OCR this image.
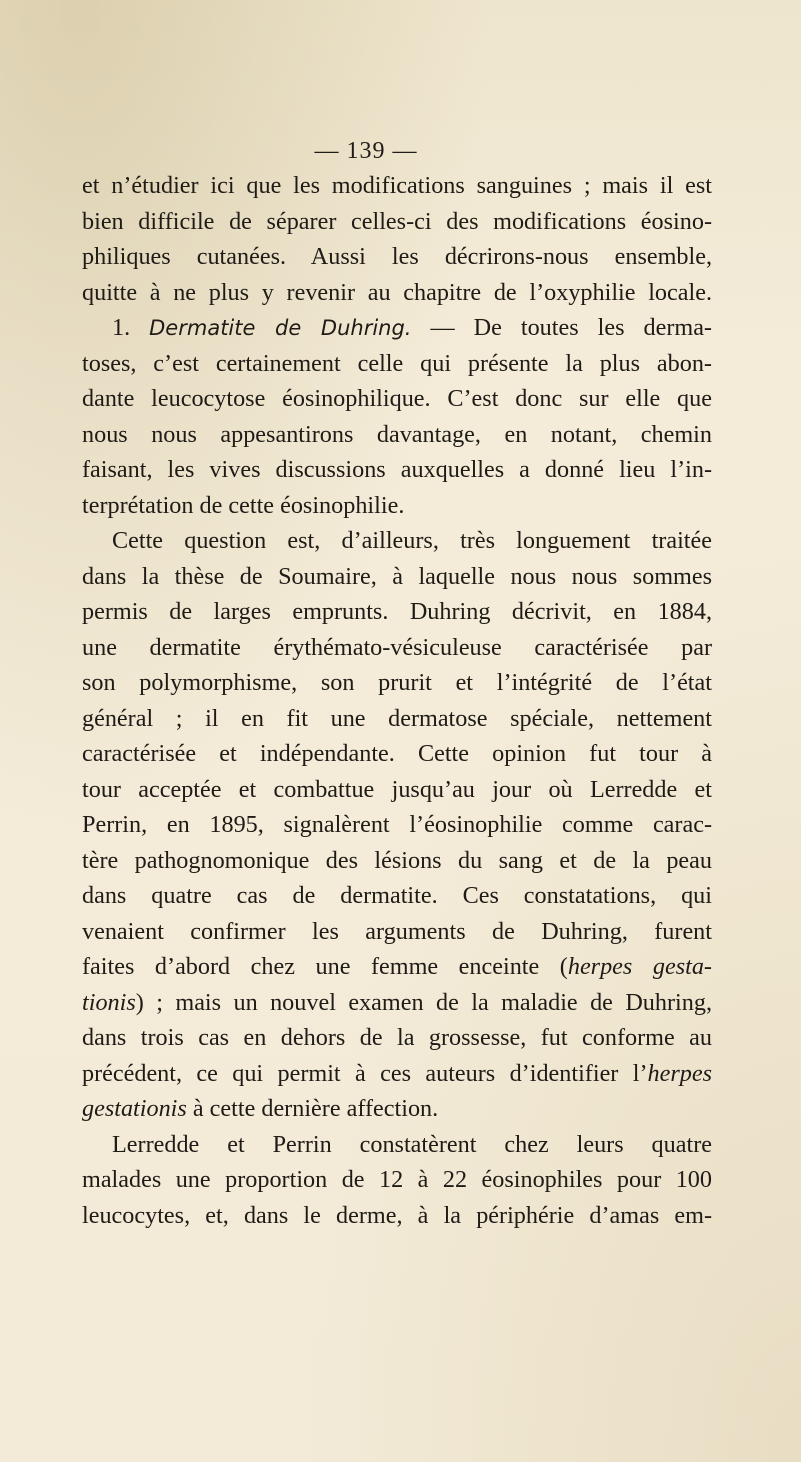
— 139 —
et n’étudier ici que les modifications sanguines ; mais il est
bien difficile de séparer celles-ci des modifications éosino-
philiques cutanées. Aussi les décrirons-nous ensemble,
quitte à ne plus y revenir au chapitre de l’oxyphilie locale.
1. Dermatite de Duhring. — De toutes les derma-
toses, c’est certainement celle qui présente la plus abon-
dante leucocytose éosinophilique. C’est donc sur elle que
nous nous appesantirons davantage, en notant, chemin
faisant, les vives discussions auxquelles a donné lieu l’in-
terprétation de cette éosinophilie.
Cette question est, d’ailleurs, très longuement traitée
dans la thèse de Soumaire, à laquelle nous nous sommes
permis de larges emprunts. Duhring décrivit, en 1884,
une dermatite érythémato-vésiculeuse caractérisée par
son polymorphisme, son prurit et l’intégrité de l’état
général ; il en fit une dermatose spéciale, nettement
caractérisée et indépendante. Cette opinion fut tour à
tour acceptée et combattue jusqu’au jour où Lerredde et
Perrin, en 1895, signalèrent l’éosinophilie comme carac-
tère pathognomonique des lésions du sang et de la peau
dans quatre cas de dermatite. Ces constatations, qui
venaient confirmer les arguments de Duhring, furent
faites d’abord chez une femme enceinte (herpes gesta-
tionis) ; mais un nouvel examen de la maladie de Duhring,
dans trois cas en dehors de la grossesse, fut conforme au
précédent, ce qui permit à ces auteurs d’identifier l’herpes
gestationis à cette dernière affection.
Lerredde et Perrin constatèrent chez leurs quatre
malades une proportion de 12 à 22 éosinophiles pour 100
leucocytes, et, dans le derme, à la périphérie d’amas em-
